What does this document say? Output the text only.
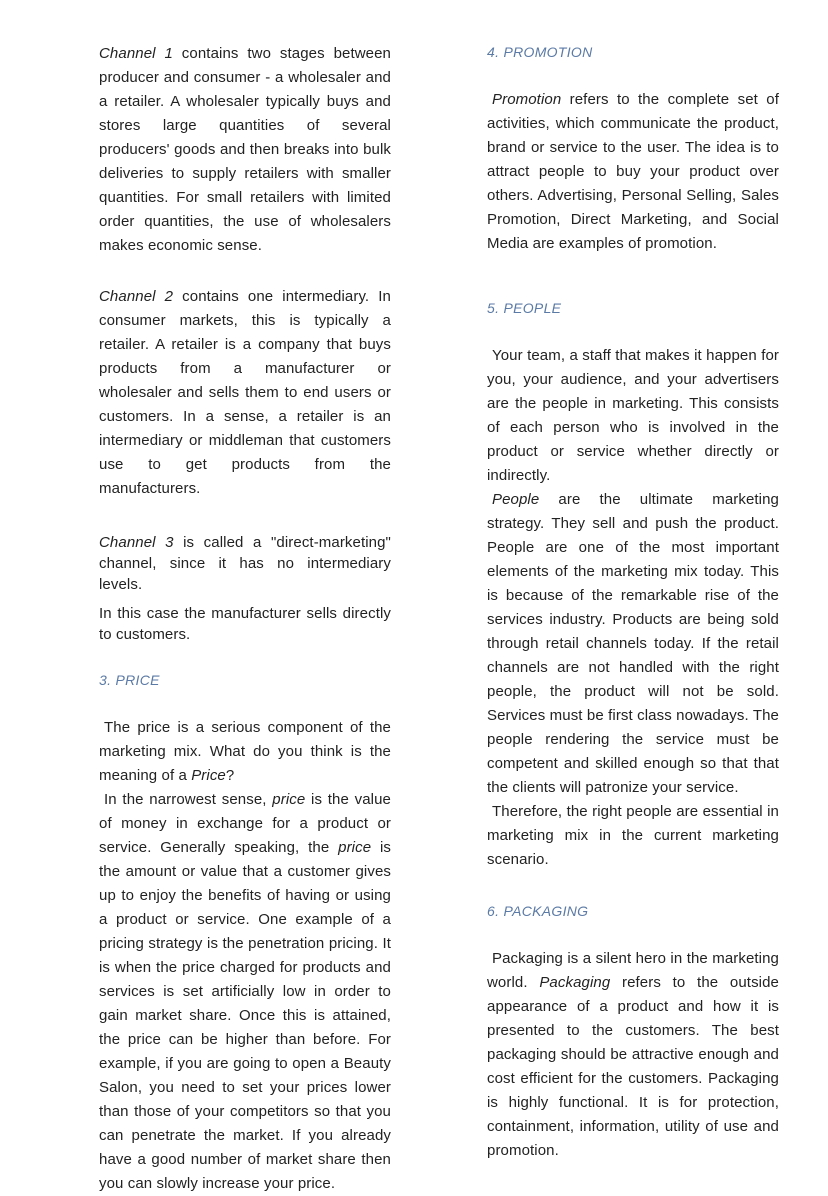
Channel 1 contains two stages between producer and consumer - a wholesaler and a retailer. A wholesaler typically buys and stores large quantities of several producers' goods and then breaks into bulk deliveries to supply retailers with smaller quantities. For small retailers with limited order quantities, the use of wholesalers makes economic sense.

Channel 2 contains one intermediary. In consumer markets, this is typically a retailer. A retailer is a company that buys products from a manufacturer or wholesaler and sells them to end users or customers. In a sense, a retailer is an intermediary or middleman that customers use to get products from the manufacturers.

Channel 3 is called a "direct-marketing" channel, since it has no intermediary levels.

In this case the manufacturer sells directly to customers.

3. PRICE

The price is a serious component of the marketing mix. What do you think is the meaning of a Price?

In the narrowest sense, price is the value of money in exchange for a product or service. Generally speaking, the price is the amount or value that a customer gives up to enjoy the benefits of having or using a product or service. One example of a pricing strategy is the penetration pricing. It is when the price charged for products and services is set artificially low in order to gain market share. Once this is attained, the price can be higher than before. For example, if you are going to open a Beauty Salon, you need to set your prices lower than those of your competitors so that you can penetrate the market. If you already have a good number of market share then you can slowly increase your price.

4. PROMOTION

Promotion refers to the complete set of activities, which communicate the product, brand or service to the user. The idea is to attract people to buy your product over others. Advertising, Personal Selling, Sales Promotion, Direct Marketing, and Social Media are examples of promotion.

5. PEOPLE

Your team, a staff that makes it happen for you, your audience, and your advertisers are the people in marketing. This consists of each person who is involved in the product or service whether directly or indirectly.

People are the ultimate marketing strategy. They sell and push the product. People are one of the most important elements of the marketing mix today. This is because of the remarkable rise of the services industry. Products are being sold through retail channels today. If the retail channels are not handled with the right people, the product will not be sold. Services must be first class nowadays. The people rendering the service must be competent and skilled enough so that that the clients will patronize your service.

Therefore, the right people are essential in marketing mix in the current marketing scenario.

6. PACKAGING

Packaging is a silent hero in the marketing world. Packaging refers to the outside appearance of a product and how it is presented to the customers. The best packaging should be attractive enough and cost efficient for the customers. Packaging is highly functional. It is for protection, containment, information, utility of use and promotion.
